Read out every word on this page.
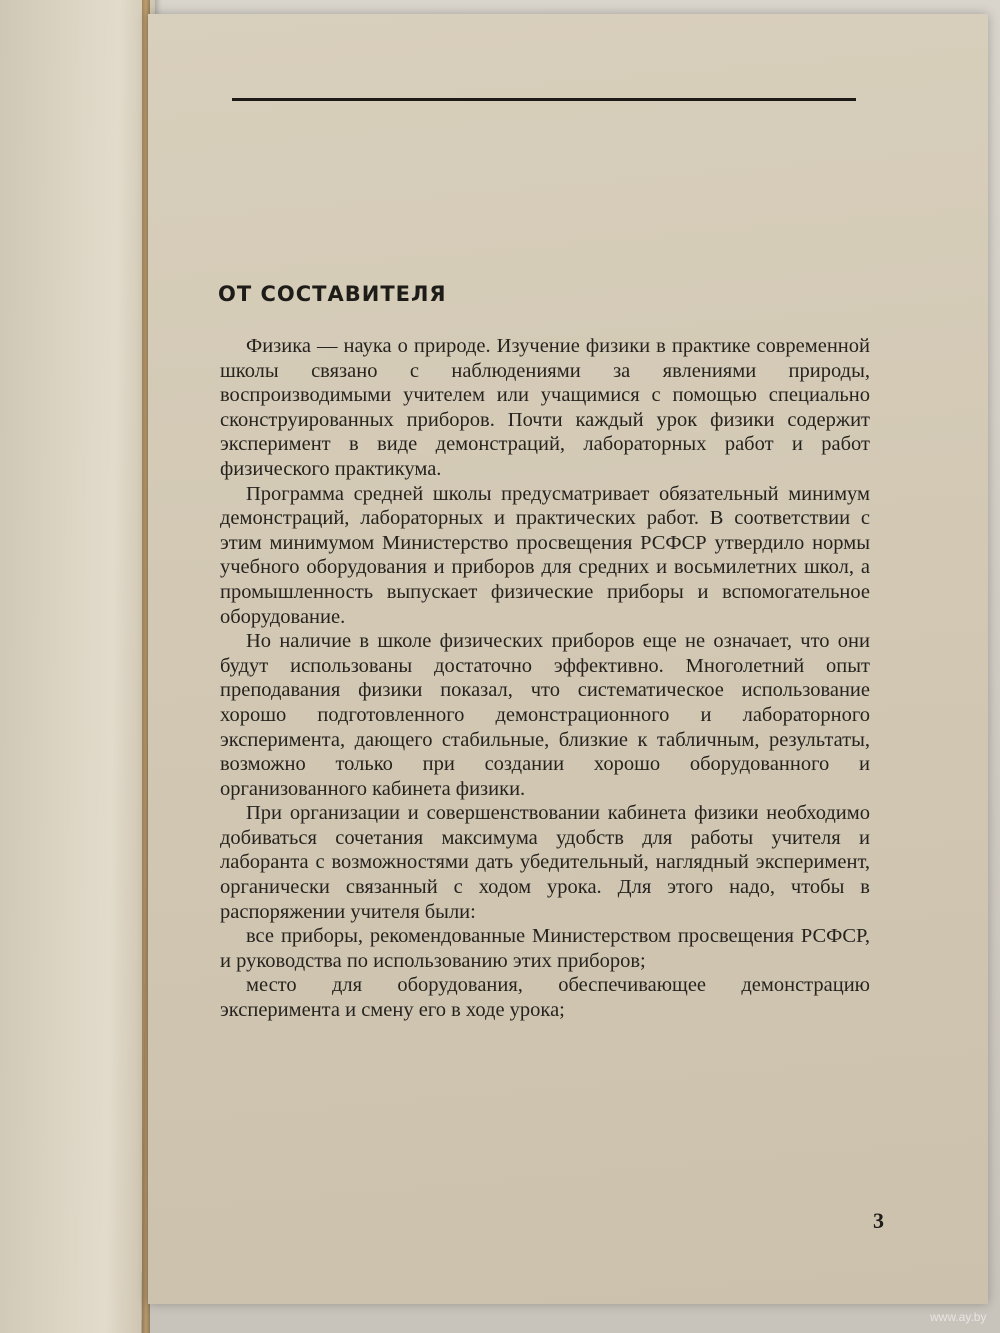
ОТ СОСТАВИТЕЛЯ

Физика — наука о природе. Изучение физики в практике современной школы связано с наблюдениями за явлениями природы, воспроизводимыми учителем или учащимися с помощью специально сконструированных приборов. Почти каждый урок физики содержит эксперимент в виде демонстраций, лабораторных работ и работ физического практикума.

Программа средней школы предусматривает обязательный минимум демонстраций, лабораторных и практических работ. В соответствии с этим минимумом Министерство просвещения РСФСР утвердило нормы учебного оборудования и приборов для средних и восьмилетних школ, а промышленность выпускает физические приборы и вспомогательное оборудование.

Но наличие в школе физических приборов еще не означает, что они будут использованы достаточно эффективно. Многолетний опыт преподавания физики показал, что систематическое использование хорошо подготовленного демонстрационного и лабораторного эксперимента, дающего стабильные, близкие к табличным, результаты, возможно только при создании хорошо оборудованного и организованного кабинета физики.

При организации и совершенствовании кабинета физики необходимо добиваться сочетания максимума удобств для работы учителя и лаборанта с возможностями дать убедительный, наглядный эксперимент, органически связанный с ходом урока. Для этого надо, чтобы в распоряжении учителя были:

все приборы, рекомендованные Министерством просвещения РСФСР, и руководства по использованию этих приборов;

место для оборудования, обеспечивающее демонстрацию эксперимента и смену его в ходе урока;

3
www.ay.by
